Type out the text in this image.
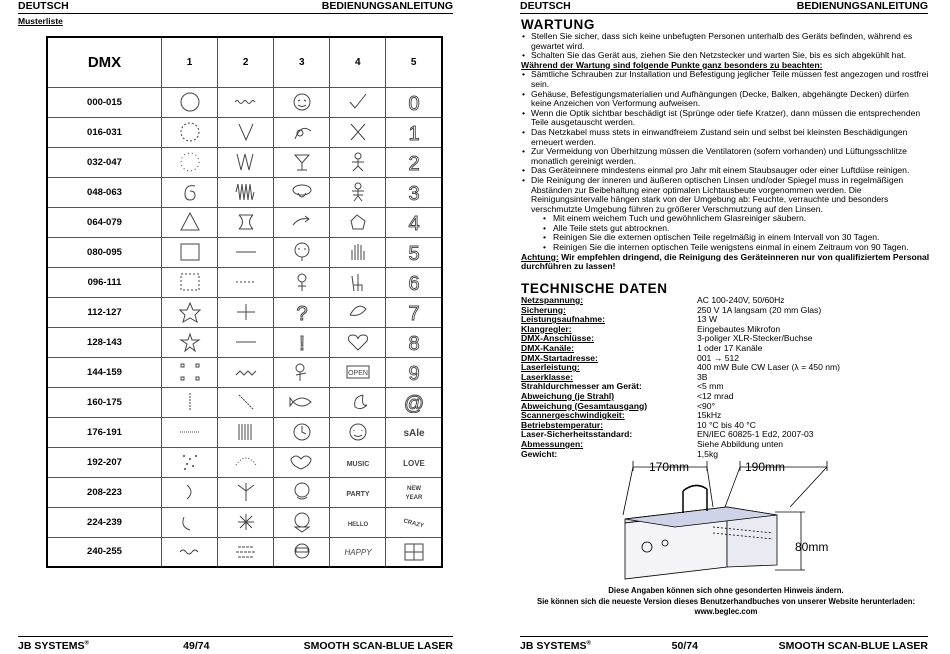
DEUTSCH	BEDIENUNGSANLEITUNG
Musterliste
DMX	1	2	3	4	5
000-015					0

016-031					1

032-047					2

048-063					3

064-079					4

080-095					5

096-111					6

112-127			?		7

128-143			!		8

144-159				OPEN	9

160-175					@

176-191					sAle

192-207				MUSIC	LOVE

208-223				PARTY	NEW
YEAR

224-239				HELLO	CRAZY

240-255				HAPPY

JB SYSTEMS®	49/74	SMOOTH SCAN-BLUE LASER
DEUTSCH	BEDIENUNGSANLEITUNG
JB SYSTEMS®	50/74	SMOOTH SCAN-BLUE LASER
WARTUNG
• Stellen Sie sicher, dass sich keine unbefugten Personen unterhalb des Geräts befinden, während es gewartet wird.
• Schalten Sie das Gerät aus, ziehen Sie den Netzstecker und warten Sie, bis es sich abgekühlt hat.
Während der Wartung sind folgende Punkte ganz besonders zu beachten:
• Sämtliche Schrauben zur Installation und Befestigung jeglicher Teile müssen fest angezogen und rostfrei sein.
• Gehäuse, Befestigungsmaterialien und Aufhängungen (Decke, Balken, abgehängte Decken) dürfen keine Anzeichen von Verformung aufweisen.
• Wenn die Optik sichtbar beschädigt ist (Sprünge oder tiefe Kratzer), dann müssen die entsprechenden Teile ausgetauscht werden.
• Das Netzkabel muss stets in einwandfreiem Zustand sein und selbst bei kleinsten Beschädigungen erneuert werden.
• Zur Vermeidung von Überhitzung müssen die Ventilatoren (sofern vorhanden) und Lüftungsschlitze monatlich gereinigt werden.
• Das Geräteinnere mindestens einmal pro Jahr mit einem Staubsauger oder einer Luftdüse reinigen.
• Die Reinigung der inneren und äußeren optischen Linsen und/oder Spiegel muss in regelmäßigen Abständen zur Beibehaltung einer optimalen Lichtausbeute vorgenommen werden. Die Reinigungsintervalle hängen stark von der Umgebung ab: Feuchte, verrauchte und besonders verschmutzte Umgebung führen zu größerer Verschmutzung auf den Linsen.
• Mit einem weichem Tuch und gewöhnlichem Glasreiniger säubern.
• Alle Teile stets gut abtrocknen.
• Reinigen Sie die externen optischen Teile regelmäßig in einem Intervall von 30 Tagen.
• Reinigen Sie die internen optischen Teile wenigstens einmal in einem Zeitraum von 90 Tagen.
Achtung: Wir empfehlen dringend, die Reinigung des Geräteinneren nur von qualifiziertem Personal durchführen zu lassen!
TECHNISCHE DATEN
Netzspannung:	AC 100-240V, 50/60Hz
Sicherung:	250 V 1A langsam (20 mm Glas)
Leistungsaufnahme:	13 W
Klangregler:	Eingebautes Mikrofon
DMX-Anschlüsse:	3-poliger XLR-Stecker/Buchse
DMX-Kanäle:	1 oder 17 Kanäle
DMX-Startadresse:	001 → 512
Laserleistung:	400 mW Bule CW Laser (λ = 450 nm)
Laserklasse:	3B
Strahldurchmesser am Gerät:	<5 mm
Abweichung (je Strahl)	<12 mrad
Abweichung (Gesamtausgang)	<90°
Scannergeschwindigkeit:	15kHz
Betriebstemperatur:	10 °C bis 40 °C
Laser-Sicherheitsstandard:	EN/IEC 60825-1 Ed2, 2007-03
Abmessungen:	Siehe Abbildung unten
Gewicht:	1,5kg
170mm	190mm
80mm
Diese Angaben können sich ohne gesonderten Hinweis ändern.
Sie können sich die neueste Version dieses Benutzerhandbuches von unserer Website herunterladen:
www.beglec.com
